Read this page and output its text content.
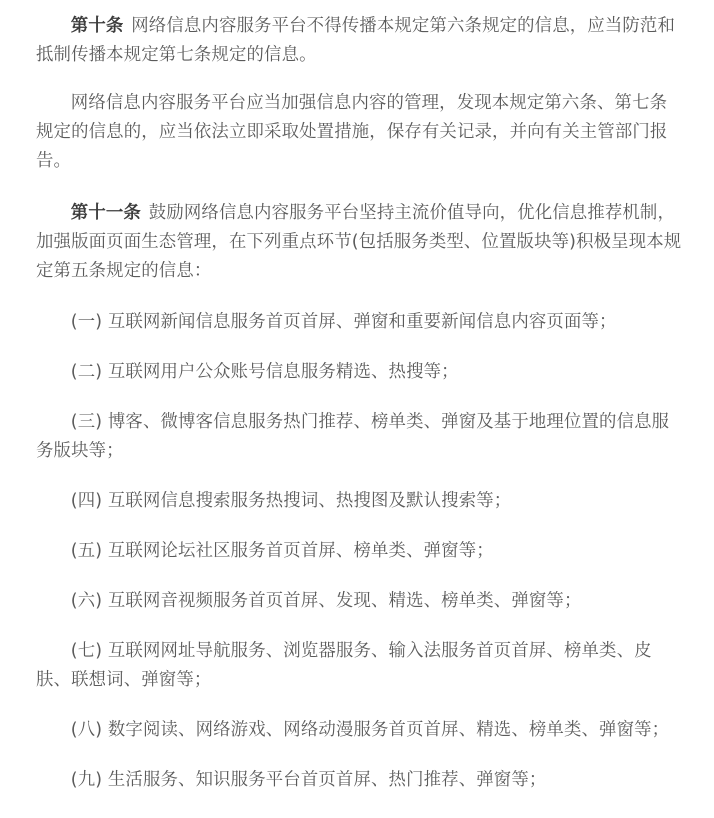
第十条 网络信息内容服务平台不得传播本规定第六条规定的信息，应当防范和抵制传播本规定第七条规定的信息。

网络信息内容服务平台应当加强信息内容的管理，发现本规定第六条、第七条规定的信息的，应当依法立即采取处置措施，保存有关记录，并向有关主管部门报告。

第十一条 鼓励网络信息内容服务平台坚持主流价值导向，优化信息推荐机制，加强版面页面生态管理，在下列重点环节(包括服务类型、位置版块等)积极呈现本规定第五条规定的信息：

(一) 互联网新闻信息服务首页首屏、弹窗和重要新闻信息内容页面等；

(二) 互联网用户公众账号信息服务精选、热搜等；

(三) 博客、微博客信息服务热门推荐、榜单类、弹窗及基于地理位置的信息服务版块等；

(四) 互联网信息搜索服务热搜词、热搜图及默认搜索等；

(五) 互联网论坛社区服务首页首屏、榜单类、弹窗等；

(六) 互联网音视频服务首页首屏、发现、精选、榜单类、弹窗等；

(七) 互联网网址导航服务、浏览器服务、输入法服务首页首屏、榜单类、皮肤、联想词、弹窗等；

(八) 数字阅读、网络游戏、网络动漫服务首页首屏、精选、榜单类、弹窗等；

(九) 生活服务、知识服务平台首页首屏、热门推荐、弹窗等；
